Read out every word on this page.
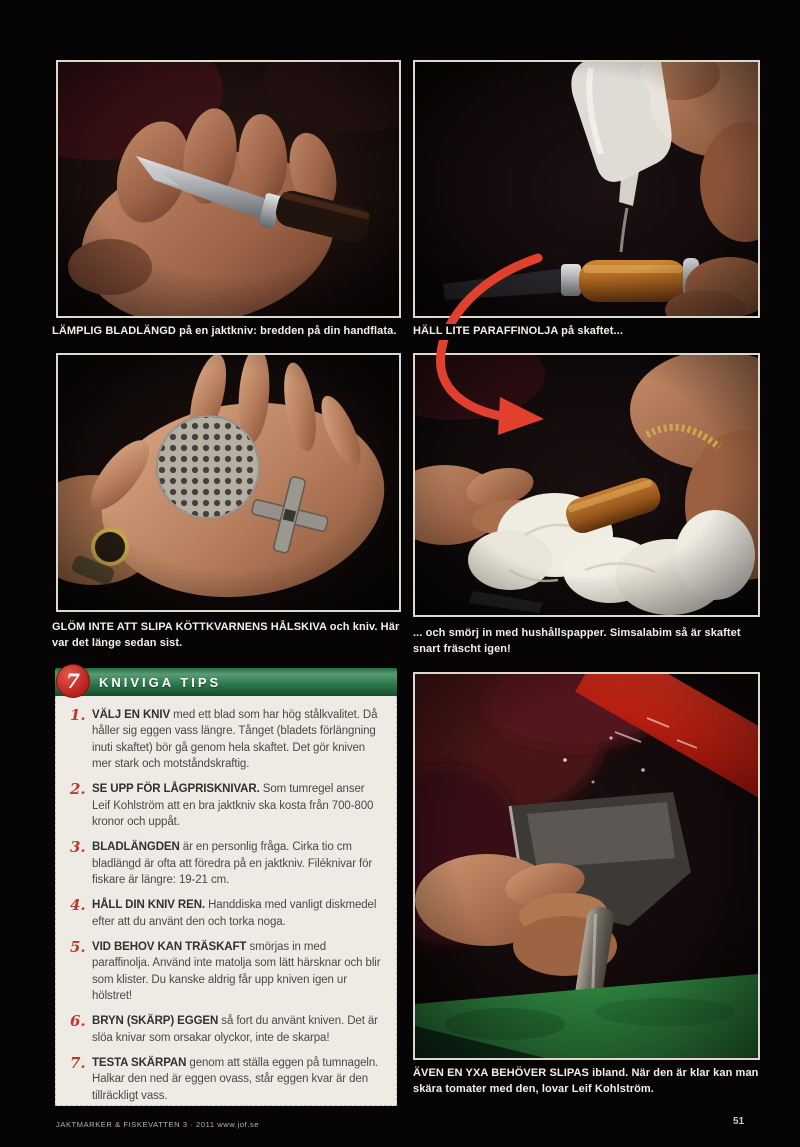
LÄMPLIG BLADLÄNGD på en jaktkniv: bredden på din handflata.	HÄLL LITE PARAFFINOLJA på skaftet...
GLÖM INTE ATT SLIPA KÖTTKVARNENS HÅLSKIVA och kniv. Här var det länge sedan sist.
... och smörj in med hushållspapper. Simsalabim så är skaftet snart fräscht igen!
7 KNIVIGA TIPS
1. VÄLJ EN KNIV med ett blad som har hög stålkvalitet. Då håller sig eggen vass längre. Tånget (bladets förlängning inuti skaftet) bör gå genom hela skaftet. Det gör kniven mer stark och motståndskraftig.
2. SE UPP FÖR LÅGPRISKNIVAR. Som tumregel anser Leif Kohlström att en bra jaktkniv ska kosta från 700-800 kronor och uppåt.
3. BLADLÄNGDEN är en personlig fråga. Cirka tio cm bladlängd är ofta att föredra på en jaktkniv. Filéknivar för fiskare är längre: 19-21 cm.
4. HÅLL DIN KNIV REN. Handdiska med vanligt diskmedel efter att du använt den och torka noga.
5. VID BEHOV KAN TRÄSKAFT smörjas in med paraffinolja. Använd inte matolja som lätt härsknar och blir som klister. Du kanske aldrig får upp kniven igen ur hölstret!
6. BRYN (SKÄRP) EGGEN så fort du använt kniven. Det är slöa knivar som orsakar olyckor, inte de skarpa!
7. TESTA SKÄRPAN genom att ställa eggen på tumnageln. Halkar den ned är eggen ovass, står eggen kvar är den tillräckligt vass.
ÄVEN EN YXA BEHÖVER SLIPAS ibland. När den är klar kan man skära tomater med den, lovar Leif Kohlström.
JAKTMARKER & FISKEVATTEN 3 · 2011 www.jof.se	51
